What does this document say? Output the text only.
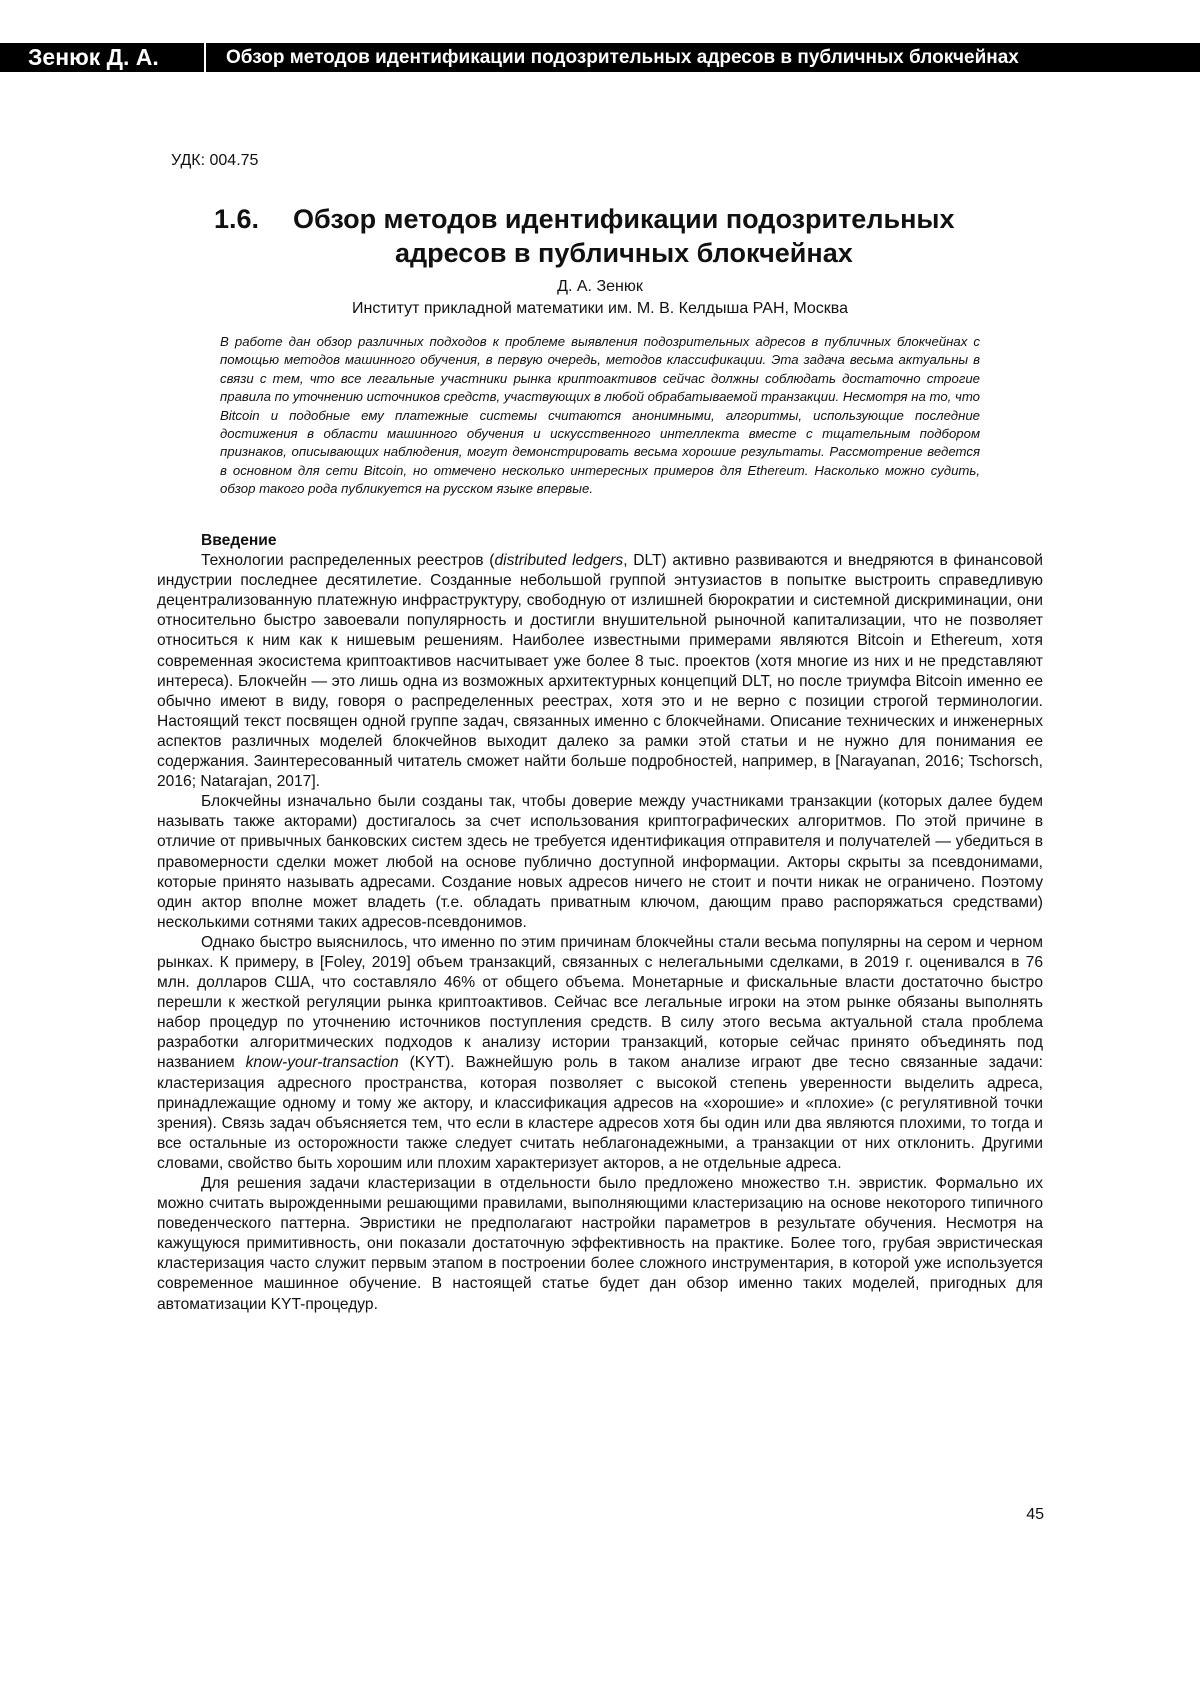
Зенюк Д. А.	Обзор методов идентификации подозрительных адресов в публичных блокчейнах
УДК: 004.75
1.6. Обзор методов идентификации подозрительных
адресов в публичных блокчейнах
Д. А. Зенюк
Институт прикладной математики им. М. В. Келдыша РАН, Москва

В работе дан обзор различных подходов к проблеме выявления подозрительных адресов в публичных блокчейнах с помощью методов машинного обучения, в первую очередь, методов классификации. Эта задача весьма актуальны в связи с тем, что все легальные участники рынка криптоактивов сейчас должны соблюдать достаточно строгие правила по уточнению источников средств, участвующих в любой обрабатываемой транзакции. Несмотря на то, что Bitcoin и подобные ему платежные системы считаются анонимными, алгоритмы, использующие последние достижения в области машинного обучения и искусственного интеллекта вместе с тщательным подбором признаков, описывающих наблюдения, могут демонстрировать весьма хорошие результаты. Рассмотрение ведется в основном для сети Bitcoin, но отмечено несколько интересных примеров для Ethereum. Насколько можно судить, обзор такого рода публикуется на русском языке впервые.

Введение

Технологии распределенных реестров (distributed ledgers, DLT) активно развиваются и внедряются в финансовой индустрии последнее десятилетие. Созданные небольшой группой энтузиастов в попытке выстроить справедливую децентрализованную платежную инфраструктуру, свободную от излишней бюрократии и системной дискриминации, они относительно быстро завоевали популярность и достигли внушительной рыночной капитализации, что не позволяет относиться к ним как к нишевым решениям. Наиболее известными примерами являются Bitcoin и Ethereum, хотя современная экосистема криптоактивов насчитывает уже более 8 тыс. проектов (хотя многие из них и не представляют интереса). Блокчейн — это лишь одна из возможных архитектурных концепций DLT, но после триумфа Bitcoin именно ее обычно имеют в виду, говоря о распределенных реестрах, хотя это и не верно с позиции строгой терминологии. Настоящий текст посвящен одной группе задач, связанных именно с блокчейнами. Описание технических и инженерных аспектов различных моделей блокчейнов выходит далеко за рамки этой статьи и не нужно для понимания ее содержания. Заинтересованный читатель сможет найти больше подробностей, например, в [Narayanan, 2016; Tschorsch, 2016; Natarajan, 2017].

Блокчейны изначально были созданы так, чтобы доверие между участниками транзакции (которых далее будем называть также акторами) достигалось за счет использования криптографических алгоритмов. По этой причине в отличие от привычных банковских систем здесь не требуется идентификация отправителя и получателей — убедиться в правомерности сделки может любой на основе публично доступной информации. Акторы скрыты за псевдонимами, которые принято называть адресами. Создание новых адресов ничего не стоит и почти никак не ограничено. Поэтому один актор вполне может владеть (т.е. обладать приватным ключом, дающим право распоряжаться средствами) несколькими сотнями таких адресов-псевдонимов.

Однако быстро выяснилось, что именно по этим причинам блокчейны стали весьма популярны на сером и черном рынках. К примеру, в [Foley, 2019] объем транзакций, связанных с нелегальными сделками, в 2019 г. оценивался в 76 млн. долларов США, что составляло 46% от общего объема. Монетарные и фискальные власти достаточно быстро перешли к жесткой регуляции рынка криптоактивов. Сейчас все легальные игроки на этом рынке обязаны выполнять набор процедур по уточнению источников поступления средств. В силу этого весьма актуальной стала проблема разработки алгоритмических подходов к анализу истории транзакций, которые сейчас принято объединять под названием know-your-transaction (KYT). Важнейшую роль в таком анализе играют две тесно связанные задачи: кластеризация адресного пространства, которая позволяет с высокой степень уверенности выделить адреса, принадлежащие одному и тому же актору, и классификация адресов на «хорошие» и «плохие» (с регулятивной точки зрения). Связь задач объясняется тем, что если в кластере адресов хотя бы один или два являются плохими, то тогда и все остальные из осторожности также следует считать неблагонадежными, а транзакции от них отклонить. Другими словами, свойство быть хорошим или плохим характеризует акторов, а не отдельные адреса.

Для решения задачи кластеризации в отдельности было предложено множество т.н. эвристик. Формально их можно считать вырожденными решающими правилами, выполняющими кластеризацию на основе некоторого типичного поведенческого паттерна. Эвристики не предполагают настройки параметров в результате обучения. Несмотря на кажущуюся примитивность, они показали достаточную эффективность на практике. Более того, грубая эвристическая кластеризация часто служит первым этапом в построении более сложного инструментария, в которой уже используется современное машинное обучение. В настоящей статье будет дан обзор именно таких моделей, пригодных для автоматизации KYT-процедур.

45
